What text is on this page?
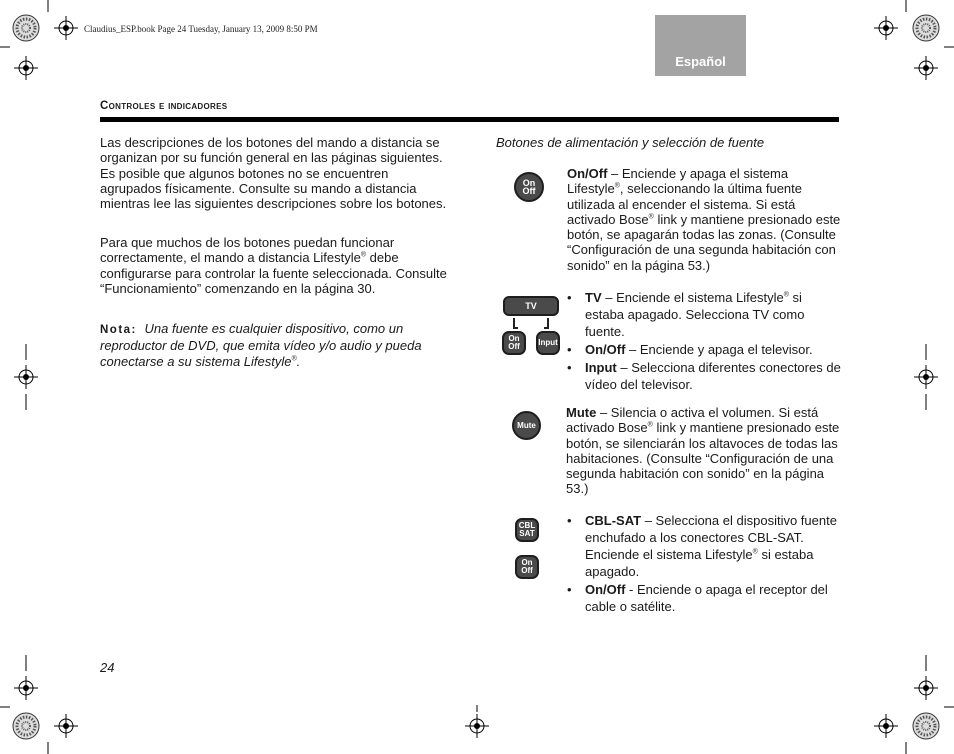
Claudius_ESP.book Page 24 Tuesday, January 13, 2009 8:50 PM
Español
Controles e indicadores

Las descripciones de los botones del mando a distancia se organizan por su función general en las páginas siguientes. Es posible que algunos botones no se encuentren agrupados físicamente. Consulte su mando a distancia mientras lee las siguientes descripciones sobre los botones.

Para que muchos de los botones puedan funcionar correctamente, el mando a distancia Lifestyle® debe configurarse para controlar la fuente seleccionada. Consulte “Funcionamiento” comenzando en la página 30.

Nota: Una fuente es cualquier dispositivo, como un reproductor de DVD, que emita vídeo y/o audio y pueda conectarse a su sistema Lifestyle®.

Botones de alimentación y selección de fuente
On
Off
On/Off – Enciende y apaga el sistema Lifestyle®, seleccionando la última fuente utilizada al encender el sistema. Si está activado Bose® link y mantiene presionado este botón, se apagarán todas las zonas. (Consulte “Configuración de una segunda habitación con sonido” en la página 53.)
TV
On
Off Input
• TV – Enciende el sistema Lifestyle® si estaba apagado. Selecciona TV como fuente.
• On/Off – Enciende y apaga el televisor.
• Input – Selecciona diferentes conectores de vídeo del televisor.
Mute
Mute – Silencia o activa el volumen. Si está activado Bose® link y mantiene presionado este botón, se silenciarán los altavoces de todas las habitaciones. (Consulte “Configuración de una segunda habitación con sonido” en la página 53.)
CBL
SAT
On
Off
• CBL-SAT – Selecciona el dispositivo fuente enchufado a los conectores CBL-SAT. Enciende el sistema Lifestyle® si estaba apagado.
• On/Off - Enciende o apaga el receptor del cable o satélite.
24
